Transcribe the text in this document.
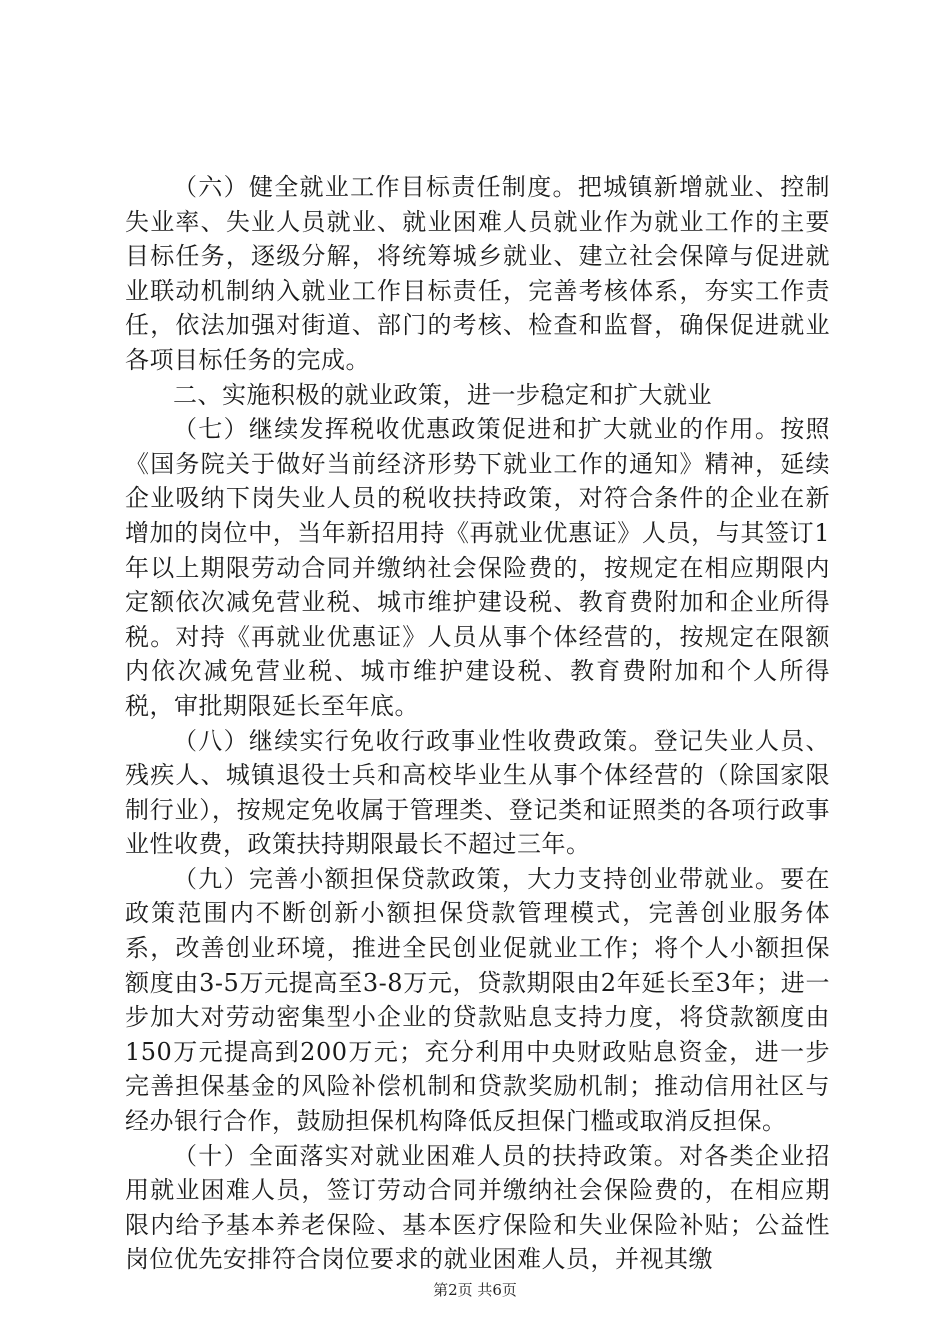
（六）健全就业工作目标责任制度。把城镇新增就业、控制失业率、失业人员就业、就业困难人员就业作为就业工作的主要目标任务，逐级分解，将统筹城乡就业、建立社会保障与促进就业联动机制纳入就业工作目标责任，完善考核体系，夯实工作责任，依法加强对街道、部门的考核、检查和监督，确保促进就业各项目标任务的完成。

二、实施积极的就业政策，进一步稳定和扩大就业

（七）继续发挥税收优惠政策促进和扩大就业的作用。按照《国务院关于做好当前经济形势下就业工作的通知》精神，延续企业吸纳下岗失业人员的税收扶持政策，对符合条件的企业在新增加的岗位中，当年新招用持《再就业优惠证》人员，与其签订1年以上期限劳动合同并缴纳社会保险费的，按规定在相应期限内定额依次减免营业税、城市维护建设税、教育费附加和企业所得税。对持《再就业优惠证》人员从事个体经营的，按规定在限额内依次减免营业税、城市维护建设税、教育费附加和个人所得税，审批期限延长至年底。

（八）继续实行免收行政事业性收费政策。登记失业人员、残疾人、城镇退役士兵和高校毕业生从事个体经营的（除国家限制行业），按规定免收属于管理类、登记类和证照类的各项行政事业性收费，政策扶持期限最长不超过三年。

（九）完善小额担保贷款政策，大力支持创业带就业。要在政策范围内不断创新小额担保贷款管理模式，完善创业服务体系，改善创业环境，推进全民创业促就业工作；将个人小额担保额度由3-5万元提高至3-8万元，贷款期限由2年延长至3年；进一步加大对劳动密集型小企业的贷款贴息支持力度，将贷款额度由150万元提高到200万元；充分利用中央财政贴息资金，进一步完善担保基金的风险补偿机制和贷款奖励机制；推动信用社区与经办银行合作，鼓励担保机构降低反担保门槛或取消反担保。

（十）全面落实对就业困难人员的扶持政策。对各类企业招用就业困难人员，签订劳动合同并缴纳社会保险费的，在相应期限内给予基本养老保险、基本医疗保险和失业保险补贴；公益性岗位优先安排符合岗位要求的就业困难人员，并视其缴

第2页 共6页
